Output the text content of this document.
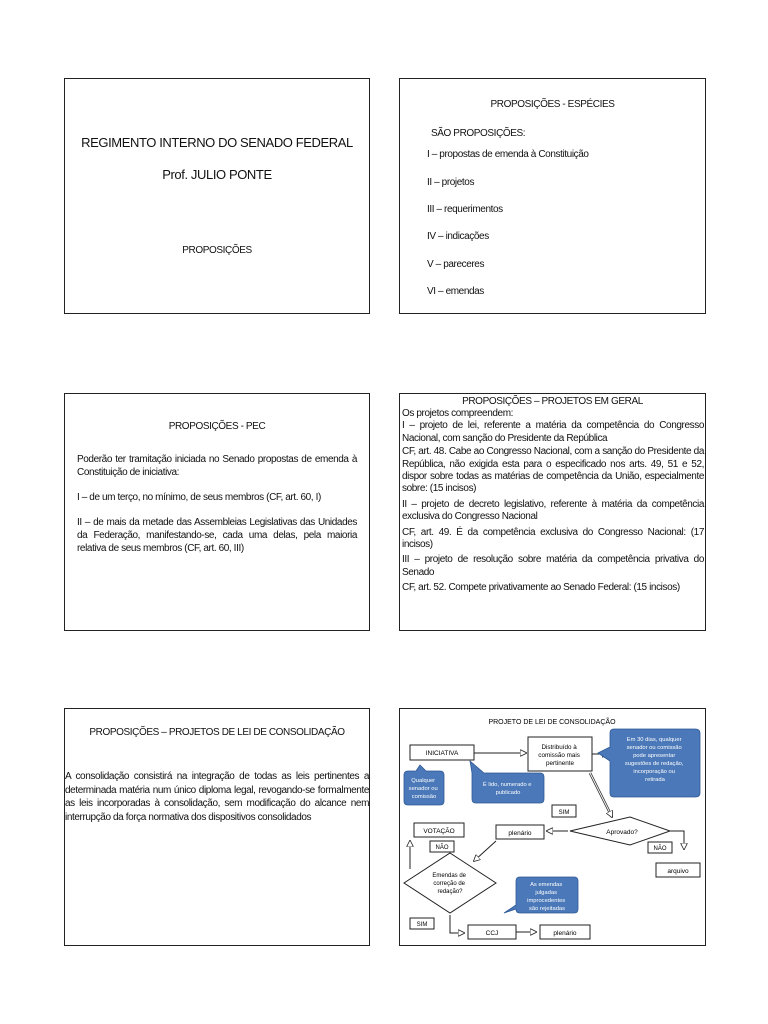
REGIMENTO INTERNO DO SENADO FEDERAL
Prof. JULIO PONTE
PROPOSIÇÕES
PROPOSIÇÕES - ESPÉCIES
SÃO PROPOSIÇÕES:
I – propostas de emenda à Constituição
II – projetos
III – requerimentos
IV – indicações
V – pareceres
VI – emendas
PROPOSIÇÕES - PEC

Poderão ter tramitação iniciada no Senado propostas de emenda à Constituição de iniciativa:

I – de um terço, no mínimo, de seus membros (CF, art. 60, I)

II – de mais da metade das Assembleias Legislativas das Unidades da Federação, manifestando-se, cada uma delas, pela maioria relativa de seus membros (CF, art. 60, III)

PROPOSIÇÕES – PROJETOS EM GERAL

Os projetos compreendem:

I – projeto de lei, referente a matéria da competência do Congresso Nacional, com sanção do Presidente da República

CF, art. 48. Cabe ao Congresso Nacional, com a sanção do Presidente da República, não exigida esta para o especificado nos arts. 49, 51 e 52, dispor sobre todas as matérias de competência da União, especialmente sobre: (15 incisos)

II – projeto de decreto legislativo, referente à matéria da competência exclusiva do Congresso Nacional

CF, art. 49. É da competência exclusiva do Congresso Nacional: (17 incisos)

III – projeto de resolução sobre matéria da competência privativa do Senado

CF, art. 52. Compete privativamente ao Senado Federal: (15 incisos)

PROPOSIÇÕES – PROJETOS DE LEI DE CONSOLIDAÇÃO
A consolidação consistirá na integração de todas as leis pertinentes a determinada matéria num único diploma legal, revogando-se formalmente as leis incorporadas à consolidação, sem modificação do alcance nem interrupção da força normativa dos dispositivos consolidados
PROJETO DE LEI DE CONSOLIDAÇÃO
INICIATIVA
Distribuído à comissão mais pertinente
Em 30 dias, qualquer senador ou comissão pode apresentar sugestões de redação, incorporação ou retirada
Qualquer senador ou comissão
É lido, numerado e publicado
SIM
Aprovado?
plenário
NÃO
arquivo
VOTAÇÃO
NÃO
Emendas de correção de redação?
As emendas julgadas improcedentes são rejeitadas
SIM
CCJ	plenário
